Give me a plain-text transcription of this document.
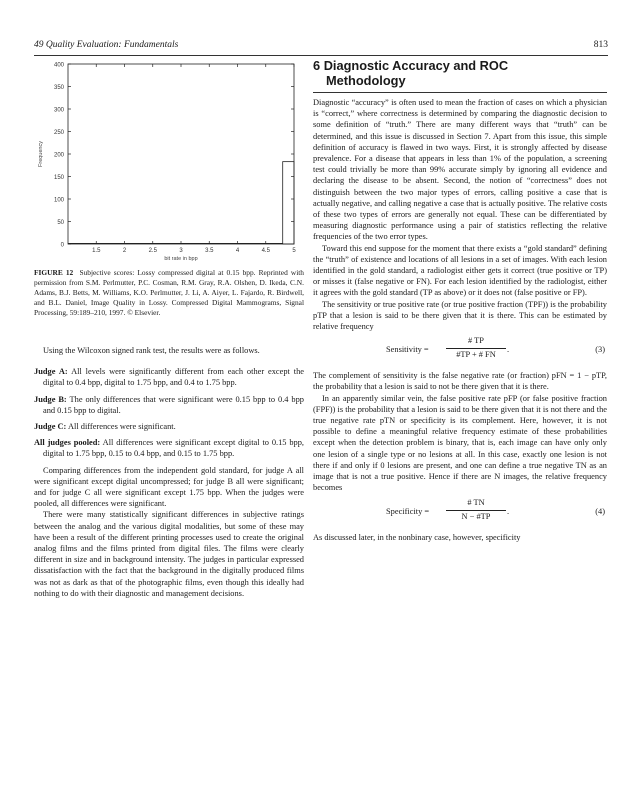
49 Quality Evaluation: Fundamentals	813
0
50
100
150
200
250
300
350
400
1.5	2	2.5	3	3.5	4	4.5	5
bit rate in bpp
Frequency
FIGURE 12 Subjective scores: Lossy compressed digital at 0.15 bpp. Reprinted with permission from S.M. Perlmutter, P.C. Cosman, R.M. Gray, R.A. Olshen, D. Ikeda, C.N. Adams, B.J. Betts, M. Williams, K.O. Perlmutter, J. Li, A. Aiyer, L. Fajardo, R. Birdwell, and B.L. Daniel, Image Quality in Lossy. Compressed Digital Mammograms, Signal Processing, 59:189–210, 1997. © Elsevier.

Using the Wilcoxon signed rank test, the results were as follows.

Judge A: All levels were significantly different from each other except the digital to 0.4 bpp, digital to 1.75 bpp, and 0.4 to 1.75 bpp.

Judge B: The only differences that were significant were 0.15 bpp to 0.4 bpp and 0.15 bpp to digital.

Judge C: All differences were significant.

All judges pooled: All differences were significant except digital to 0.15 bpp, digital to 1.75 bpp, 0.15 to 0.4 bpp, and 0.15 to 1.75 bpp.

Comparing differences from the independent gold standard, for judge A all were significant except digital uncompressed; for judge B all were significant; and for judge C all were significant except 1.75 bpp. When the judges were pooled, all differences were significant.

There were many statistically significant differences in subjective ratings between the analog and the various digital modalities, but some of these may have been a result of the different printing processes used to create the original analog films and the films printed from digital files. The films were clearly different in size and in background intensity. The judges in particular expressed dissatisfaction with the fact that the background in the digitally produced films was not as dark as that of the photographic films, even though this ideally had nothing to do with their diagnostic and management decisions.

6 Diagnostic Accuracy and ROC
Methodology

Diagnostic “accuracy” is often used to mean the fraction of cases on which a physician is “correct,” where correctness is determined by comparing the diagnostic decision to some definition of “truth.” There are many different ways that “truth” can be determined, and this issue is discussed in Section 7. Apart from this issue, this simple definition of accuracy is flawed in two ways. First, it is strongly affected by disease prevalence. For a disease that appears in less than 1% of the population, a screening test could trivially be more than 99% accurate simply by ignoring all evidence and declaring the disease to be absent. Second, the notion of “correctness” does not distinguish between the two major types of errors, calling positive a case that is actually negative, and calling negative a case that is actually positive. The relative costs of these two types of errors are generally not equal. These can be differentiated by measuring diagnostic performance using a pair of statistics reflecting the relative frequencies of the two error types.

Toward this end suppose for the moment that there exists a “gold standard” defining the “truth” of existence and locations of all lesions in a set of images. With each lesion identified in the gold standard, a radiologist either gets it correct (true positive or TP) or misses it (false negative or FN). For each lesion identified by the radiologist, either it agrees with the gold standard (TP as above) or it does not (false positive or FP).

The sensitivity or true positive rate (or true positive fraction (TPF)) is the probability pTP that a lesion is said to be there given that it is there. This can be estimated by relative frequency

Sensitivity =
# TP
#TP + # FN
.	(3)

The complement of sensitivity is the false negative rate (or fraction) pFN = 1 − pTP, the probability that a lesion is said to not be there given that it is there.

In an apparently similar vein, the false positive rate pFP (or false positive fraction (FPF)) is the probability that a lesion is said to be there given that it is not there and the true negative rate pTN or specificity is its complement. Here, however, it is not possible to define a meaningful relative frequency estimate of these probabilities except when the detection problem is binary, that is, each image can have only only one lesion of a single type or no lesions at all. In this case, exactly one lesion is not there if and only if 0 lesions are present, and one can define a true negative TN as an image that is not a true positive. Hence if there are N images, the relative frequency becomes

Specificity =
# TN
N − #TP
.	(4)

As discussed later, in the nonbinary case, however, specificity
